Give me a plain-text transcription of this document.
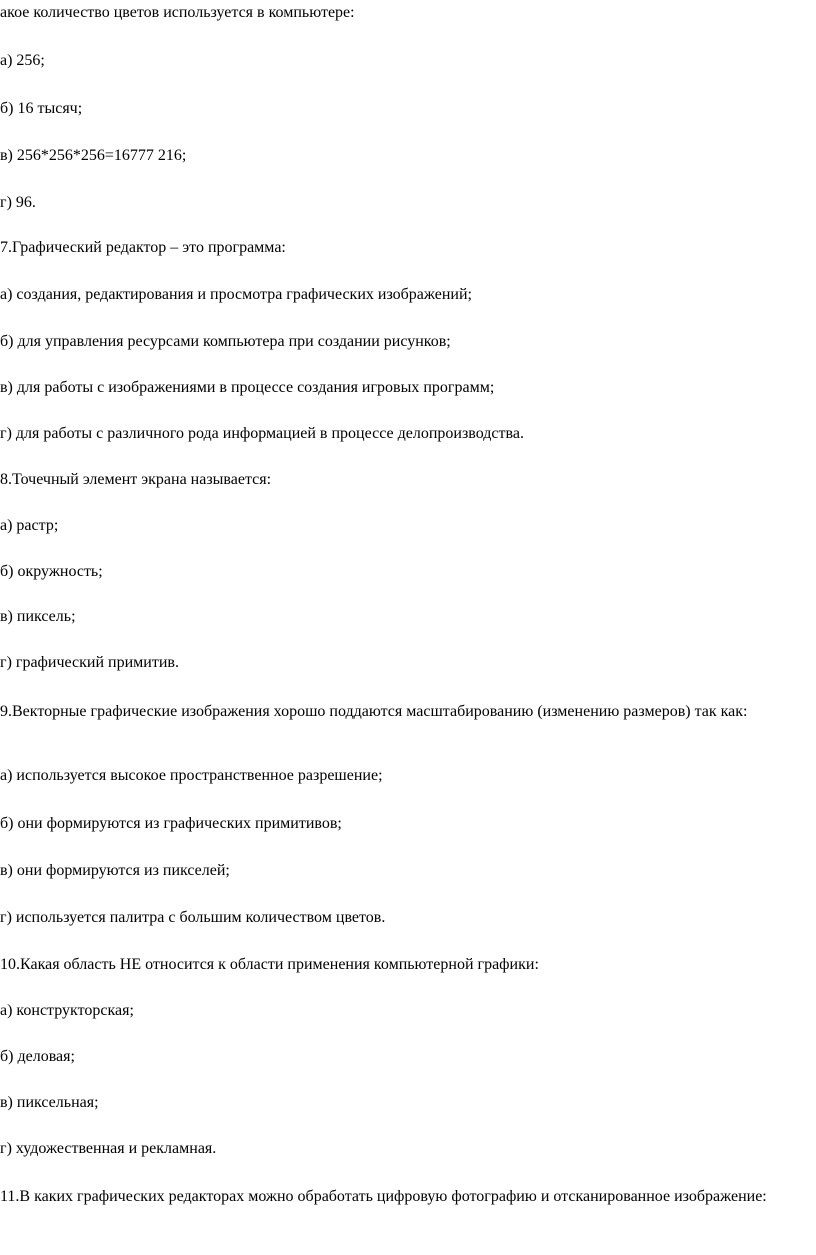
акое количество цветов используется в компьютере:
а) 256;
б) 16 тысяч;
в) 256*256*256=16777 216;
г) 96.
7.Графический редактор – это программа:
а) создания, редактирования и просмотра графических изображений;
б) для управления ресурсами компьютера при создании рисунков;
в) для работы с изображениями в процессе создания игровых программ;
г) для работы с различного рода информацией в процессе делопроизводства.
8.Точечный элемент экрана называется:
а) растр;
б) окружность;
в) пиксель;
г) графический примитив.
9.Векторные графические изображения хорошо поддаются масштабированию (изменению размеров) так как:
а) используется высокое пространственное разрешение;
б) они формируются из графических примитивов;
в) они формируются из пикселей;
г) используется палитра с большим количеством цветов.
10.Какая область НЕ относится к области применения компьютерной графики:
а) конструкторская;
б) деловая;
в) пиксельная;
г) художественная и рекламная.
11.В каких графических редакторах можно обработать цифровую фотографию и отсканированное изображение:
